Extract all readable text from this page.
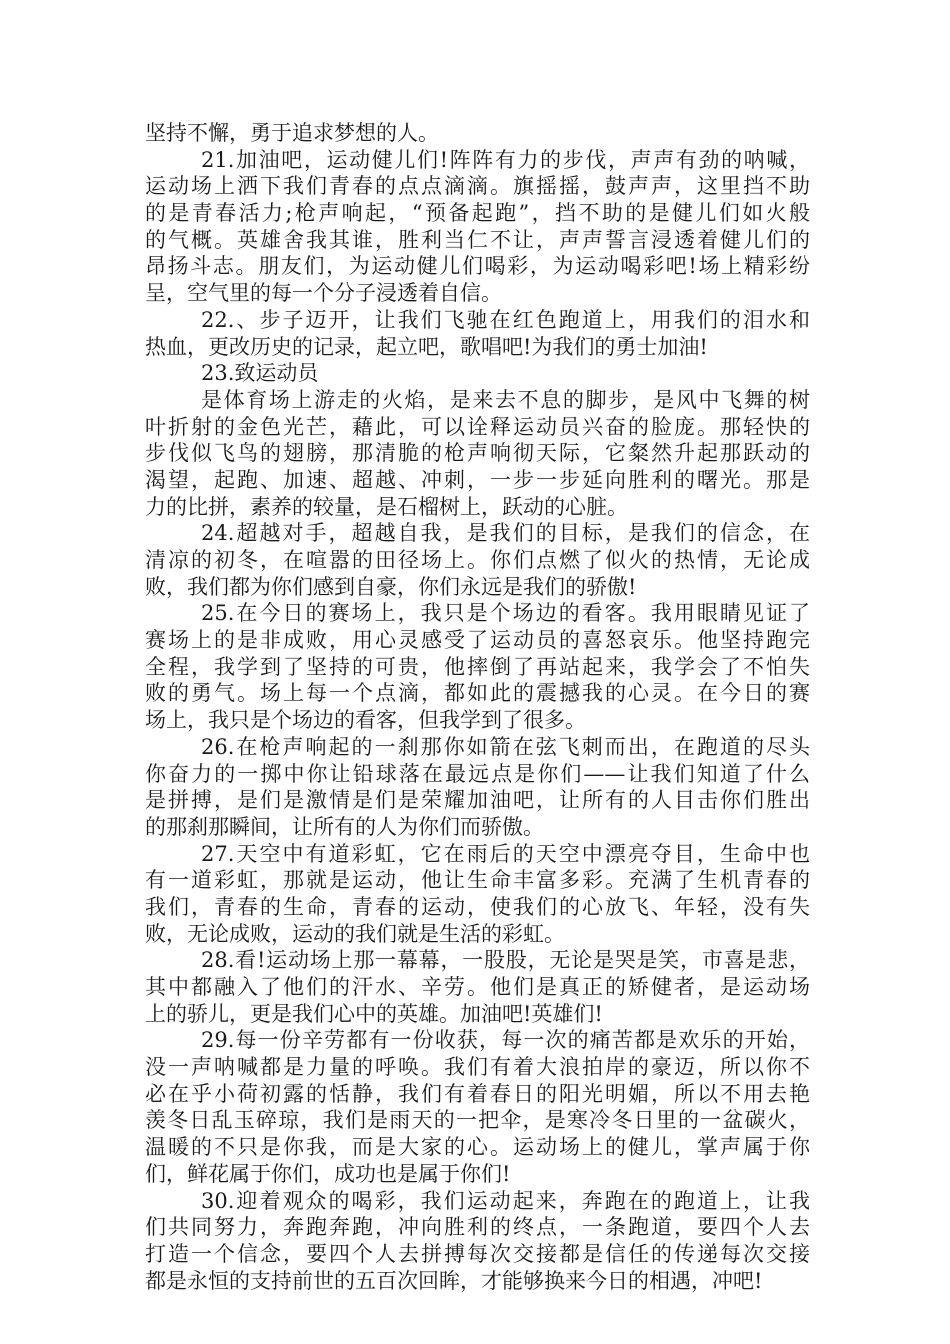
坚持不懈，勇于追求梦想的人。
21.加油吧，运动健儿们!阵阵有力的步伐，声声有劲的呐喊，
运动场上洒下我们青春的点点滴滴。旗摇摇，鼓声声，这里挡不助
的是青春活力;枪声响起，“预备起跑”，挡不助的是健儿们如火般
的气概。英雄舍我其谁，胜利当仁不让，声声誓言浸透着健儿们的
昂扬斗志。朋友们，为运动健儿们喝彩，为运动喝彩吧!场上精彩纷
呈，空气里的每一个分子浸透着自信。
22.、步子迈开，让我们飞驰在红色跑道上，用我们的泪水和
热血，更改历史的记录，起立吧，歌唱吧!为我们的勇士加油!
23.致运动员
是体育场上游走的火焰，是来去不息的脚步，是风中飞舞的树
叶折射的金色光芒，藉此，可以诠释运动员兴奋的脸庞。那轻快的
步伐似飞鸟的翅膀，那清脆的枪声响彻天际，它粲然升起那跃动的
渴望，起跑、加速、超越、冲刺，一步一步延向胜利的曙光。那是
力的比拼，素养的较量，是石榴树上，跃动的心脏。
24.超越对手，超越自我，是我们的目标，是我们的信念，在
清凉的初冬，在喧嚣的田径场上。你们点燃了似火的热情，无论成
败，我们都为你们感到自豪，你们永远是我们的骄傲!
25.在今日的赛场上，我只是个场边的看客。我用眼睛见证了
赛场上的是非成败，用心灵感受了运动员的喜怒哀乐。他坚持跑完
全程，我学到了坚持的可贵，他摔倒了再站起来，我学会了不怕失
败的勇气。场上每一个点滴，都如此的震撼我的心灵。在今日的赛
场上，我只是个场边的看客，但我学到了很多。
26.在枪声响起的一刹那你如箭在弦飞刺而出，在跑道的尽头
你奋力的一掷中你让铅球落在最远点是你们——让我们知道了什么
是拼搏，是们是激情是们是荣耀加油吧，让所有的人目击你们胜出
的那刹那瞬间，让所有的人为你们而骄傲。
27.天空中有道彩虹，它在雨后的天空中漂亮夺目，生命中也
有一道彩虹，那就是运动，他让生命丰富多彩。充满了生机青春的
我们，青春的生命，青春的运动，使我们的心放飞、年轻，没有失
败，无论成败，运动的我们就是生活的彩虹。
28.看!运动场上那一幕幕，一股股，无论是哭是笑，市喜是悲，
其中都融入了他们的汗水、辛劳。他们是真正的矫健者，是运动场
上的骄儿，更是我们心中的英雄。加油吧!英雄们!
29.每一份辛劳都有一份收获，每一次的痛苦都是欢乐的开始，
没一声呐喊都是力量的呼唤。我们有着大浪拍岸的豪迈，所以你不
必在乎小荷初露的恬静，我们有着春日的阳光明媚，所以不用去艳
羡冬日乱玉碎琼，我们是雨天的一把伞，是寒冷冬日里的一盆碳火，
温暖的不只是你我，而是大家的心。运动场上的健儿，掌声属于你
们，鲜花属于你们，成功也是属于你们!
30.迎着观众的喝彩，我们运动起来，奔跑在的跑道上，让我
们共同努力，奔跑奔跑，冲向胜利的终点，一条跑道，要四个人去
打造一个信念，要四个人去拼搏每次交接都是信任的传递每次交接
都是永恒的支持前世的五百次回眸，才能够换来今日的相遇，冲吧!
